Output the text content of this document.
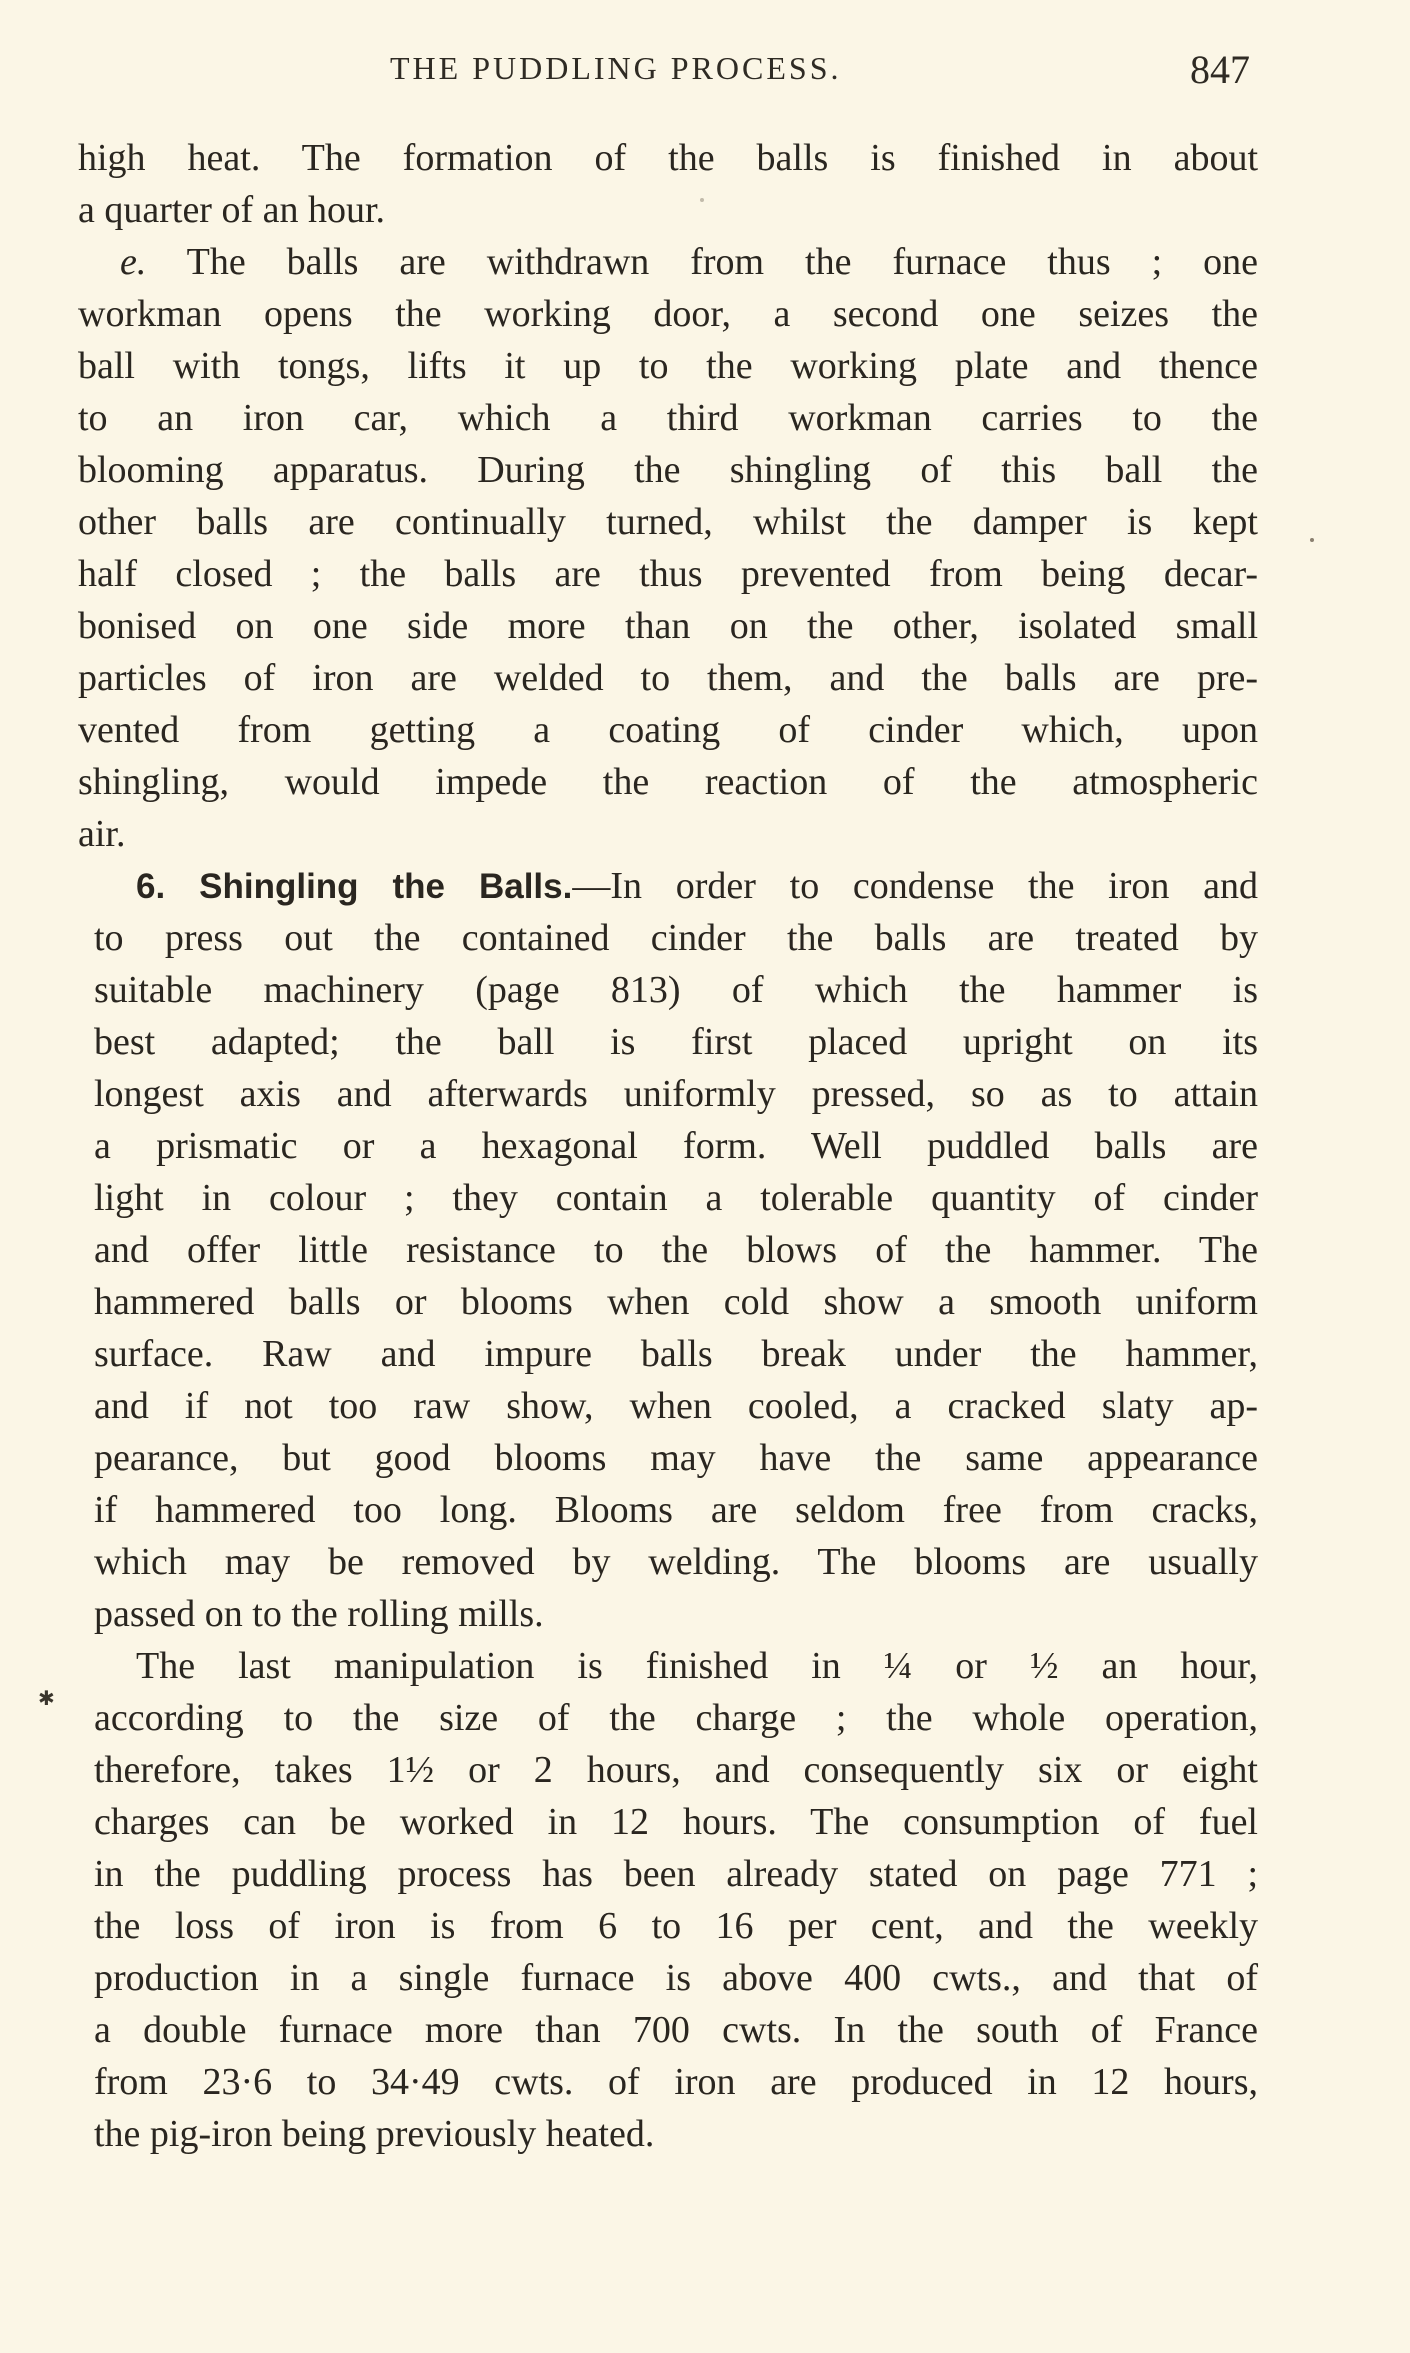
THE PUDDLING PROCESS.	847
✱
high heat. The formation of the balls is finished in about
a quarter of an hour.
e. The balls are withdrawn from the furnace thus ; one
workman opens the working door, a second one seizes the
ball with tongs, lifts it up to the working plate and thence
to an iron car, which a third workman carries to the
blooming apparatus. During the shingling of this ball the
other balls are continually turned, whilst the damper is kept
half closed ; the balls are thus prevented from being decar-
bonised on one side more than on the other, isolated small
particles of iron are welded to them, and the balls are pre-
vented from getting a coating of cinder which, upon
shingling, would impede the reaction of the atmospheric
air.
6. Shingling the Balls.—In order to condense the iron and
to press out the contained cinder the balls are treated by
suitable machinery (page 813) of which the hammer is
best adapted; the ball is first placed upright on its
longest axis and afterwards uniformly pressed, so as to attain
a prismatic or a hexagonal form. Well puddled balls are
light in colour ; they contain a tolerable quantity of cinder
and offer little resistance to the blows of the hammer. The
hammered balls or blooms when cold show a smooth uniform
surface. Raw and impure balls break under the hammer,
and if not too raw show, when cooled, a cracked slaty ap-
pearance, but good blooms may have the same appearance
if hammered too long. Blooms are seldom free from cracks,
which may be removed by welding. The blooms are usually
passed on to the rolling mills.
The last manipulation is finished in ¼ or ½ an hour,
according to the size of the charge ; the whole operation,
therefore, takes 1½ or 2 hours, and consequently six or eight
charges can be worked in 12 hours. The consumption of fuel
in the puddling process has been already stated on page 771 ;
the loss of iron is from 6 to 16 per cent, and the weekly
production in a single furnace is above 400 cwts., and that of
a double furnace more than 700 cwts. In the south of France
from 23·6 to 34·49 cwts. of iron are produced in 12 hours,
the pig-iron being previously heated.
